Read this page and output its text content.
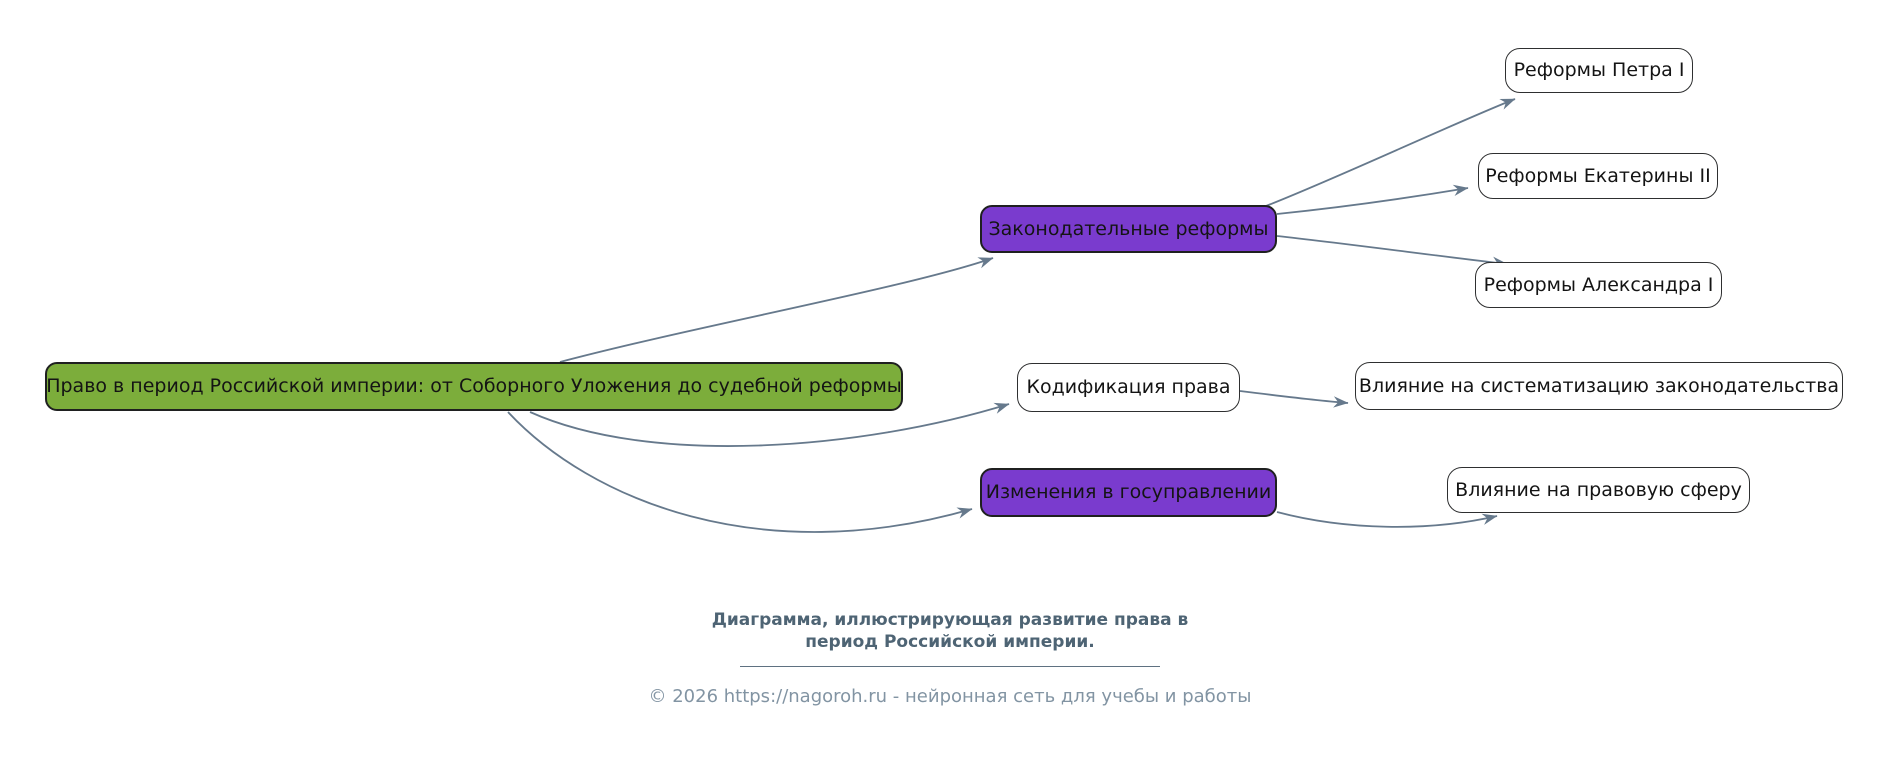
Право в период Российской империи: от Соборного Уложения до судебной реформы
Законодательные реформы
Реформы Петра I
Реформы Екатерины II
Реформы Александра I
Кодификация права	Влияние на систематизацию законодательства
Изменения в госуправлении	Влияние на правовую сферу
Диаграмма, иллюстрирующая развитие права в
период Российской империи.
© 2026 https://nagoroh.ru - нейронная сеть для учебы и работы
